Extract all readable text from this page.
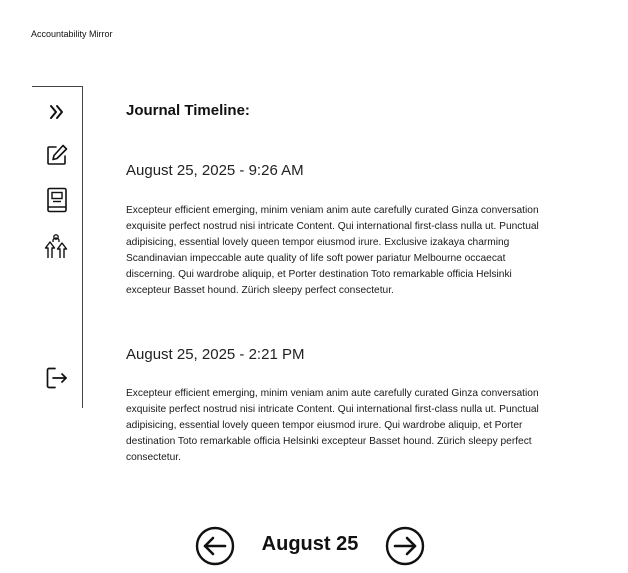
Accountability Mirror
Journal Timeline:
August 25, 2025 - 9:26 AM
Excepteur efficient emerging, minim veniam anim aute carefully curated Ginza conversation exquisite perfect nostrud nisi intricate Content. Qui international first-class nulla ut. Punctual adipisicing, essential lovely queen tempor eiusmod irure. Exclusive izakaya charming Scandinavian impeccable aute quality of life soft power pariatur Melbourne occaecat discerning. Qui wardrobe aliquip, et Porter destination Toto remarkable officia Helsinki excepteur Basset hound. Zürich sleepy perfect consectetur.
August 25, 2025 - 2:21 PM
Excepteur efficient emerging, minim veniam anim aute carefully curated Ginza conversation exquisite perfect nostrud nisi intricate Content. Qui international first-class nulla ut. Punctual adipisicing, essential lovely queen tempor eiusmod irure. Qui wardrobe aliquip, et Porter destination Toto remarkable officia Helsinki excepteur Basset hound. Zürich sleepy perfect consectetur.
August 25
